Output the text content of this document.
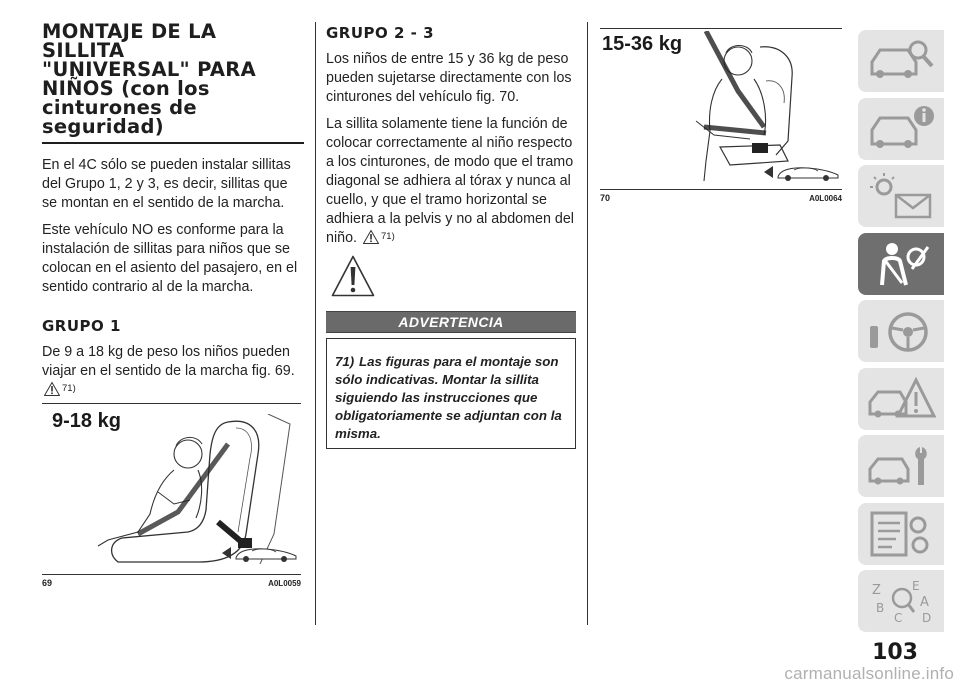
MONTAJE DE LA
SILLITA
"UNIVERSAL" PARA
NIÑOS (con los
cinturones de
seguridad)

En el 4C sólo se pueden instalar sillitas del Grupo 1, 2 y 3, es decir, sillitas que se montan en el sentido de la marcha.

Este vehículo NO es conforme para la instalación de sillitas para niños que se colocan en el asiento del pasajero, en el sentido contrario al de la marcha.

GRUPO 1

De 9 a 18 kg de peso los niños pueden viajar en el sentido de la marcha fig. 69. $^{71)}$

9-18 kg
69	A0L0059
GRUPO 2 - 3

Los niños de entre 15 y 36 kg de peso pueden sujetarse directamente con los cinturones del vehículo fig. 70.

La sillita solamente tiene la función de colocar correctamente al niño respecto a los cinturones, de modo que el tramo diagonal se adhiera al tórax y nunca al cuello, y que el tramo horizontal se adhiera a la pelvis y no al abdomen del niño.	$^{71)}$

ADVERTENCIA
71) Las figuras para el montaje son sólo indicativas. Montar la sillita siguiendo las instrucciones que obligatoriamente se adjuntan con la misma.
15-36 kg
70	A0L0064
Z	E
B	A
C D
103
carmanualsonline.info
